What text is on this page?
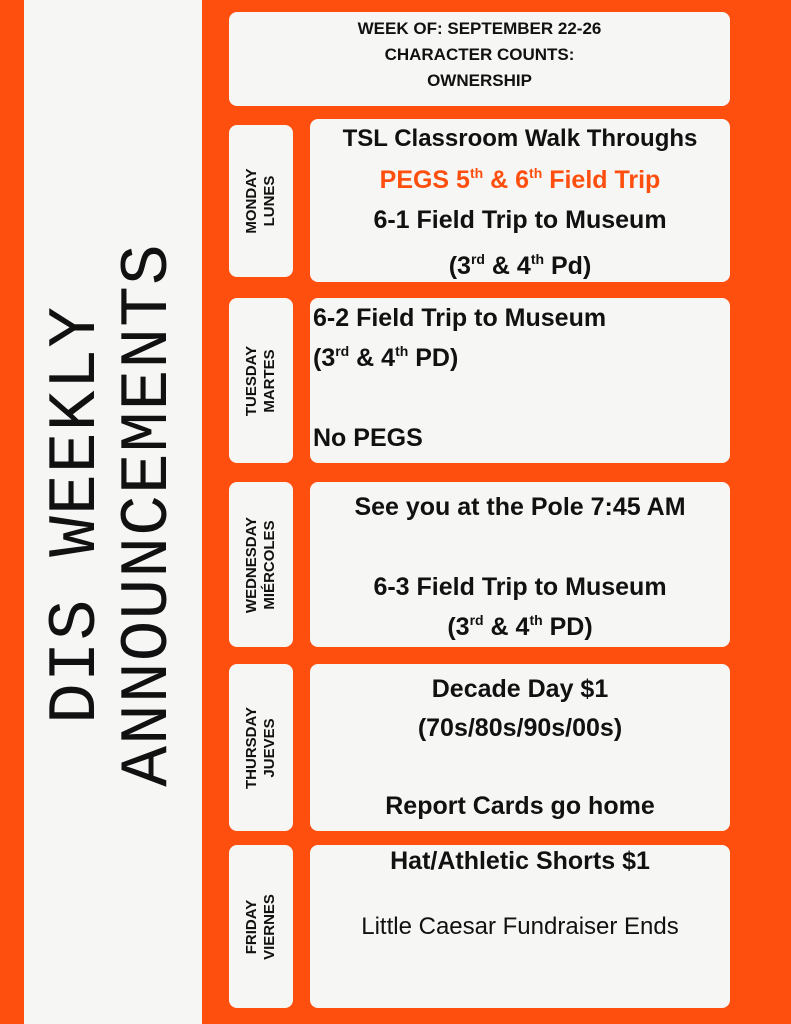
DIS WEEKLY
ANNOUNCEMENTS
WEEK OF: SEPTEMBER 22-26
CHARACTER COUNTS:
OWNERSHIP
MONDAY LUNES
TSL Classroom Walk Throughs
PEGS 5th & 6th Field Trip
6-1 Field Trip to Museum
(3rd & 4th Pd)
TUESDAY MARTES
6-2 Field Trip to Museum
(3rd & 4th PD)
No PEGS
WEDNESDAY MIÉRCOLES
See you at the Pole 7:45 AM
6-3 Field Trip to Museum
(3rd & 4th PD)
THURSDAY JUEVES
Decade Day $1
(70s/80s/90s/00s)
Report Cards go home
FRIDAY VIERNES
Hat/Athletic Shorts $1
Little Caesar Fundraiser Ends
